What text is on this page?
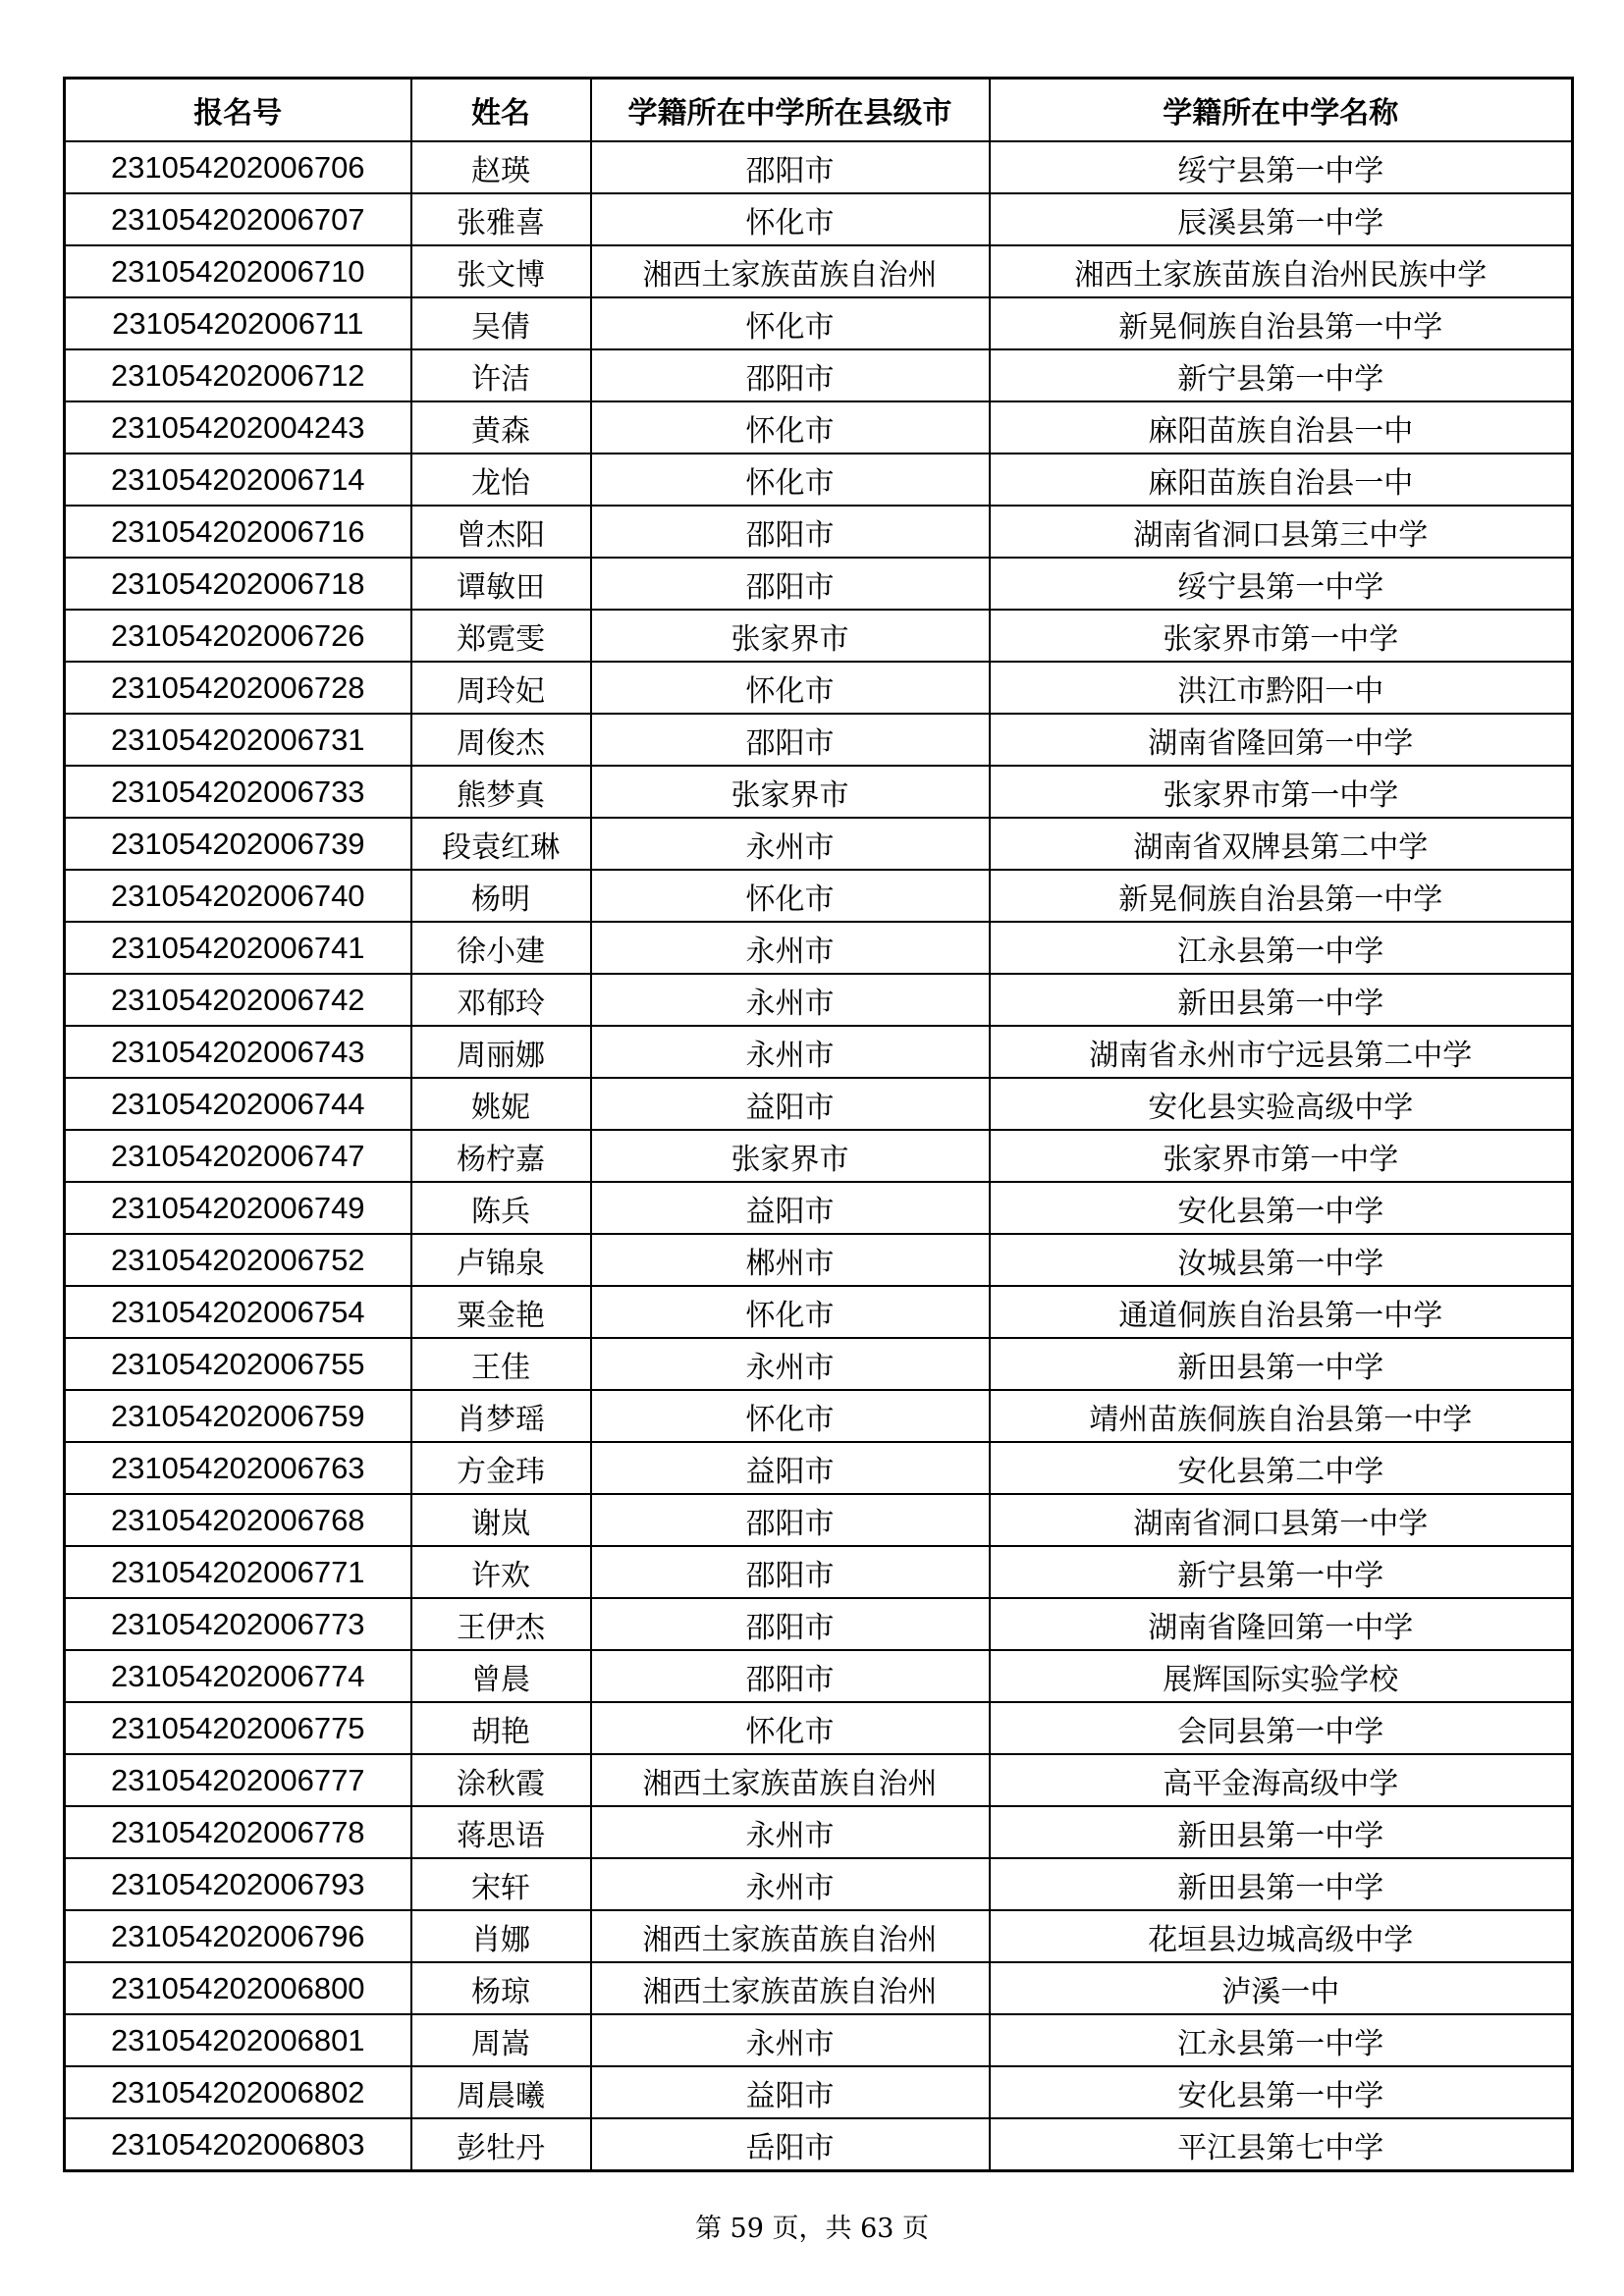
报名号	姓名	学籍所在中学所在县级市	学籍所在中学名称
231054202006706	赵瑛	邵阳市	绥宁县第一中学
231054202006707	张雅喜	怀化市	辰溪县第一中学
231054202006710	张文博	湘西土家族苗族自治州	湘西土家族苗族自治州民族中学
231054202006711	吴倩	怀化市	新晃侗族自治县第一中学
231054202006712	许洁	邵阳市	新宁县第一中学
231054202004243	黄森	怀化市	麻阳苗族自治县一中
231054202006714	龙怡	怀化市	麻阳苗族自治县一中
231054202006716	曾杰阳	邵阳市	湖南省洞口县第三中学
231054202006718	谭敏田	邵阳市	绥宁县第一中学
231054202006726	郑霓雯	张家界市	张家界市第一中学
231054202006728	周玲妃	怀化市	洪江市黔阳一中
231054202006731	周俊杰	邵阳市	湖南省隆回第一中学
231054202006733	熊梦真	张家界市	张家界市第一中学
231054202006739	段袁红琳	永州市	湖南省双牌县第二中学
231054202006740	杨明	怀化市	新晃侗族自治县第一中学
231054202006741	徐小建	永州市	江永县第一中学
231054202006742	邓郁玲	永州市	新田县第一中学
231054202006743	周丽娜	永州市	湖南省永州市宁远县第二中学
231054202006744	姚妮	益阳市	安化县实验高级中学
231054202006747	杨柠嘉	张家界市	张家界市第一中学
231054202006749	陈兵	益阳市	安化县第一中学
231054202006752	卢锦泉	郴州市	汝城县第一中学
231054202006754	粟金艳	怀化市	通道侗族自治县第一中学
231054202006755	王佳	永州市	新田县第一中学
231054202006759	肖梦瑶	怀化市	靖州苗族侗族自治县第一中学
231054202006763	方金玮	益阳市	安化县第二中学
231054202006768	谢岚	邵阳市	湖南省洞口县第一中学
231054202006771	许欢	邵阳市	新宁县第一中学
231054202006773	王伊杰	邵阳市	湖南省隆回第一中学
231054202006774	曾晨	邵阳市	展辉国际实验学校
231054202006775	胡艳	怀化市	会同县第一中学
231054202006777	涂秋霞	湘西土家族苗族自治州	高平金海高级中学
231054202006778	蒋思语	永州市	新田县第一中学
231054202006793	宋轩	永州市	新田县第一中学
231054202006796	肖娜	湘西土家族苗族自治州	花垣县边城高级中学
231054202006800	杨琼	湘西土家族苗族自治州	泸溪一中
231054202006801	周嵩	永州市	江永县第一中学
231054202006802	周晨曦	益阳市	安化县第一中学
231054202006803	彭牡丹	岳阳市	平江县第七中学
第 59 页，共 63 页
